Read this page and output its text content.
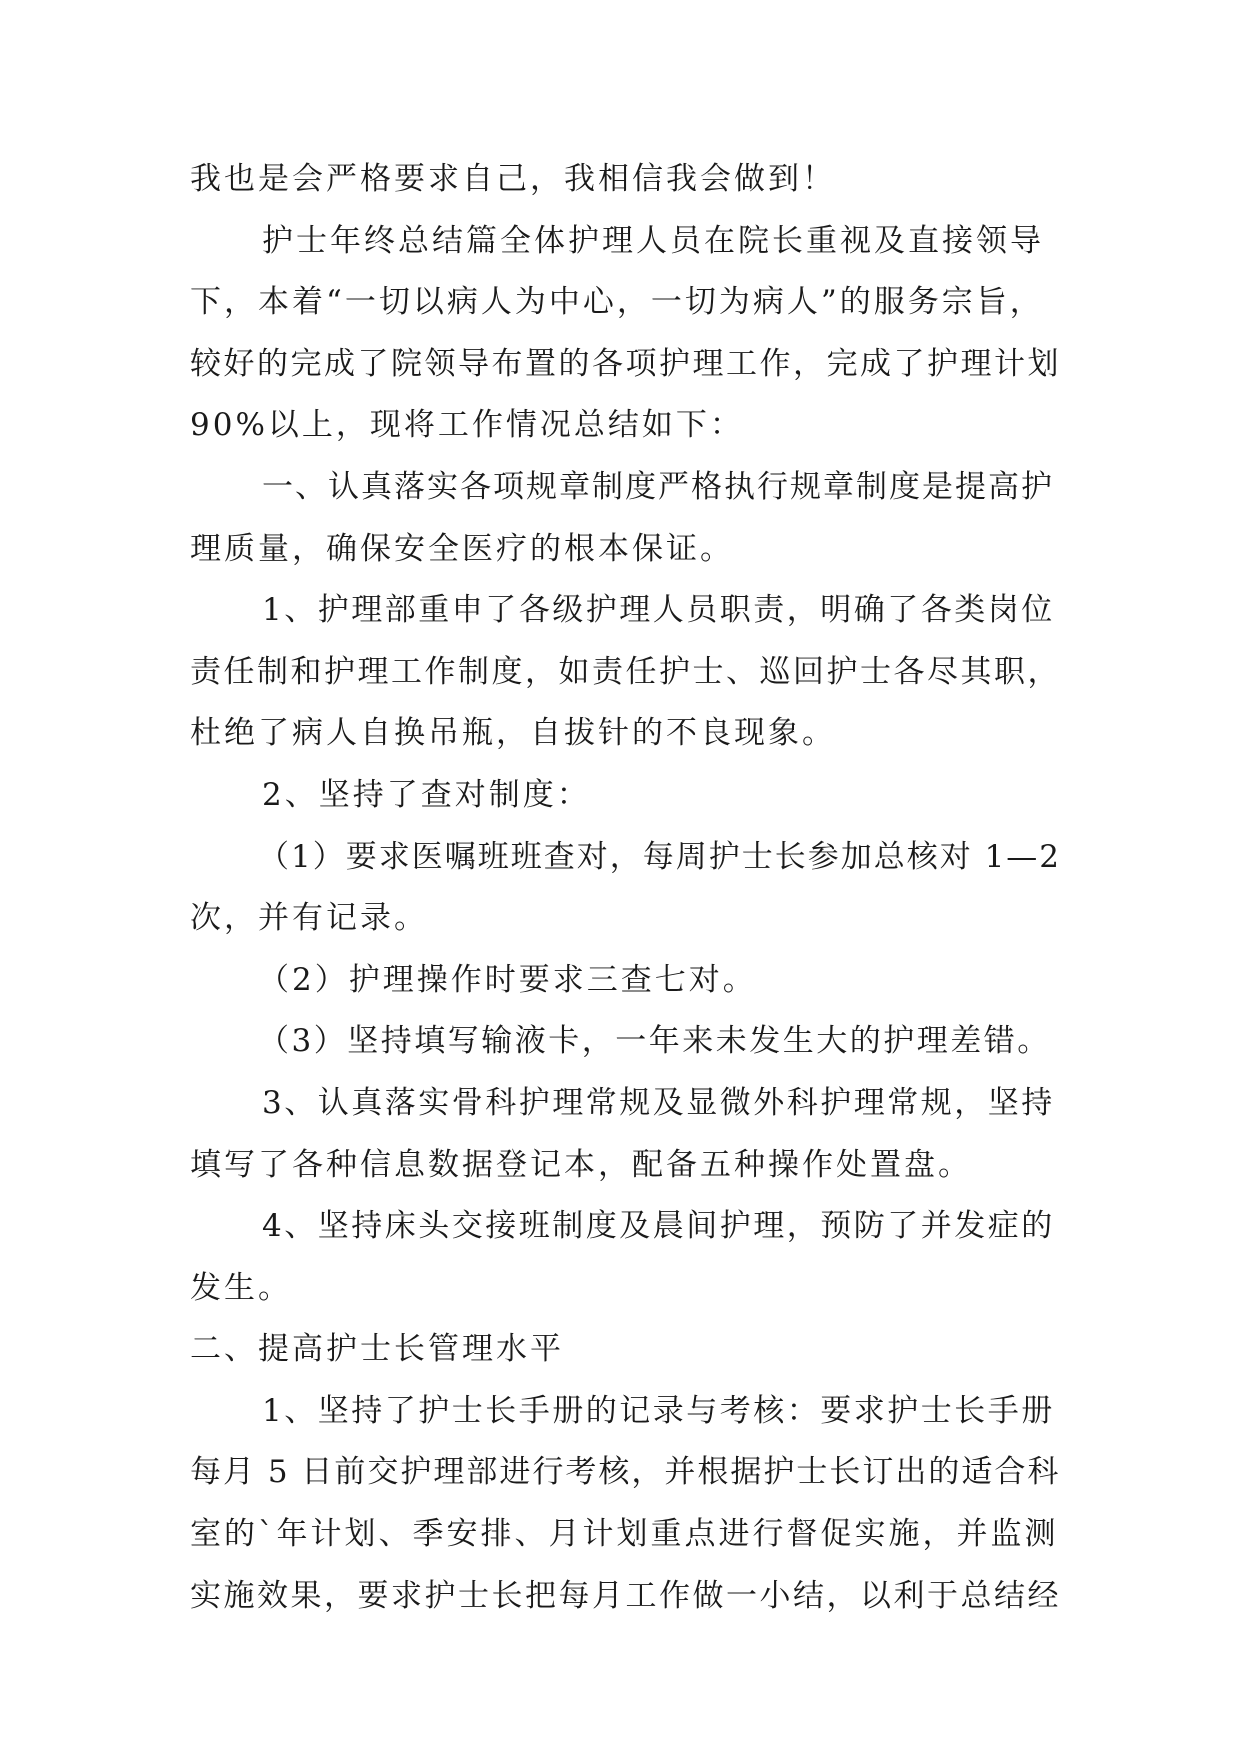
我也是会严格要求自己，我相信我会做到！
护士年终总结篇全体护理人员在院长重视及直接领导
下，本着“一切以病人为中心，一切为病人”的服务宗旨，
较好的完成了院领导布置的各项护理工作，完成了护理计划
90%以上，现将工作情况总结如下：
一、认真落实各项规章制度严格执行规章制度是提高护
理质量，确保安全医疗的根本保证。
1、护理部重申了各级护理人员职责，明确了各类岗位
责任制和护理工作制度，如责任护士、巡回护士各尽其职，
杜绝了病人自换吊瓶，自拔针的不良现象。
2、坚持了查对制度：
（1）要求医嘱班班查对，每周护士长参加总核对 1—2
次，并有记录。
（2）护理操作时要求三查七对。
（3）坚持填写输液卡，一年来未发生大的护理差错。
3、认真落实骨科护理常规及显微外科护理常规，坚持
填写了各种信息数据登记本，配备五种操作处置盘。
4、坚持床头交接班制度及晨间护理，预防了并发症的
发生。
二、提高护士长管理水平
1、坚持了护士长手册的记录与考核：要求护士长手册
每月 5 日前交护理部进行考核，并根据护士长订出的适合科
室的`年计划、季安排、月计划重点进行督促实施，并监测
实施效果，要求护士长把每月工作做一小结，以利于总结经
